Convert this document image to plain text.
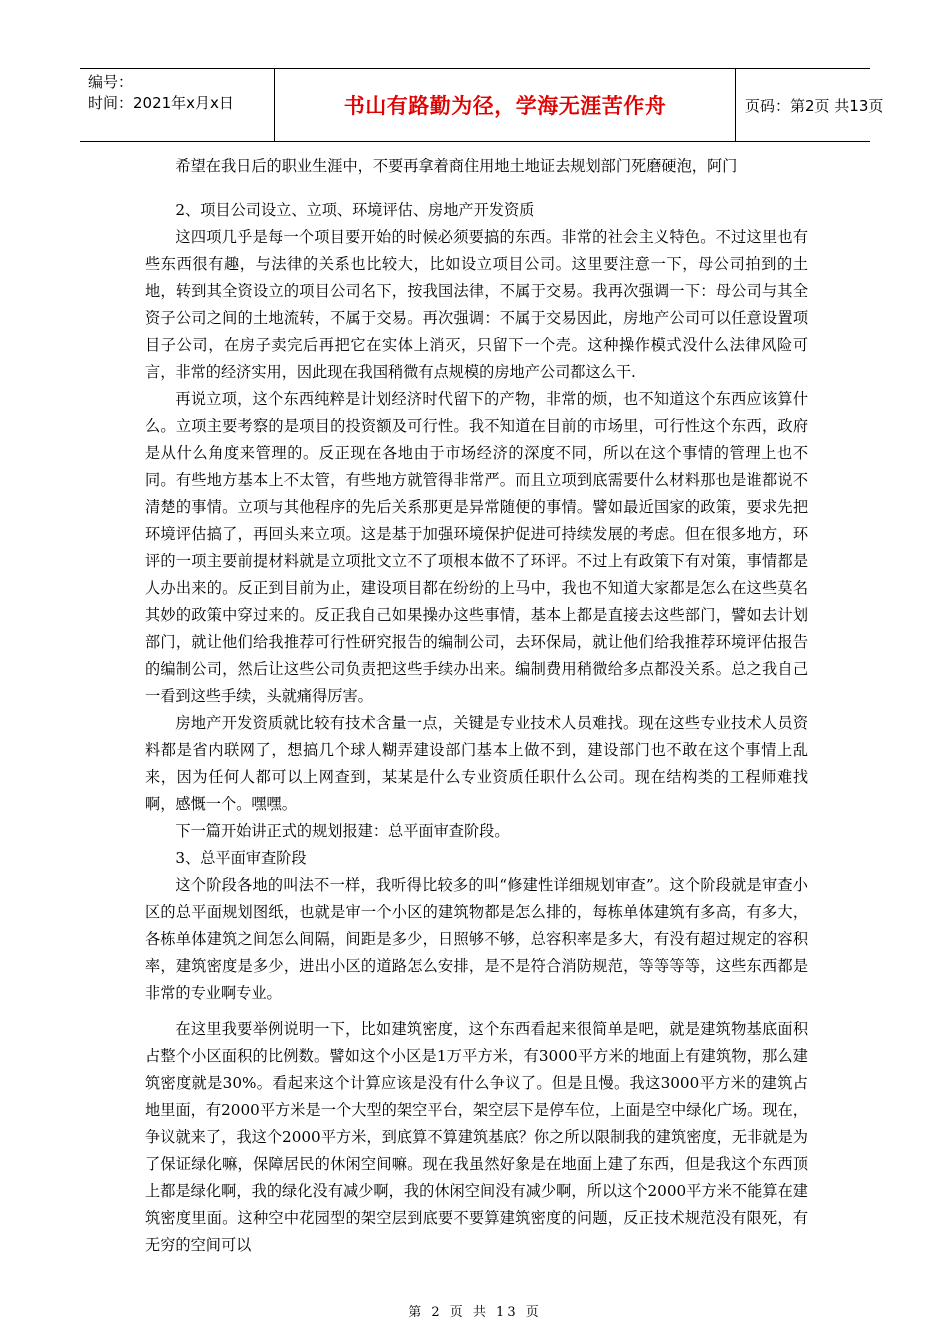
编号：
时间：2021年x月x日	书山有路勤为径，学海无涯苦作舟	页码：第2页 共13页

希望在我日后的职业生涯中，不要再拿着商住用地土地证去规划部门死磨硬泡，阿门

2、项目公司设立、立项、环境评估、房地产开发资质

这四项几乎是每一个项目要开始的时候必须要搞的东西。非常的社会主义特色。不过这里也有些东西很有趣，与法律的关系也比较大，比如设立项目公司。这里要注意一下，母公司拍到的土地，转到其全资设立的项目公司名下，按我国法律，不属于交易。我再次强调一下：母公司与其全资子公司之间的土地流转，不属于交易。再次强调：不属于交易因此，房地产公司可以任意设置项目子公司，在房子卖完后再把它在实体上消灭，只留下一个壳。这种操作模式没什么法律风险可言，非常的经济实用，因此现在我国稍微有点规模的房地产公司都这么干.

再说立项，这个东西纯粹是计划经济时代留下的产物，非常的烦，也不知道这个东西应该算什么。立项主要考察的是项目的投资额及可行性。我不知道在目前的市场里，可行性这个东西，政府是从什么角度来管理的。反正现在各地由于市场经济的深度不同，所以在这个事情的管理上也不同。有些地方基本上不太管，有些地方就管得非常严。而且立项到底需要什么材料那也是谁都说不清楚的事情。立项与其他程序的先后关系那更是异常随便的事情。譬如最近国家的政策，要求先把环境评估搞了，再回头来立项。这是基于加强环境保护促进可持续发展的考虑。但在很多地方，环评的一项主要前提材料就是立项批文立不了项根本做不了环评。不过上有政策下有对策，事情都是人办出来的。反正到目前为止，建设项目都在纷纷的上马中，我也不知道大家都是怎么在这些莫名其妙的政策中穿过来的。反正我自己如果操办这些事情，基本上都是直接去这些部门，譬如去计划部门，就让他们给我推荐可行性研究报告的编制公司，去环保局，就让他们给我推荐环境评估报告的编制公司，然后让这些公司负责把这些手续办出来。编制费用稍微给多点都没关系。总之我自己一看到这些手续，头就痛得厉害。

房地产开发资质就比较有技术含量一点，关键是专业技术人员难找。现在这些专业技术人员资料都是省内联网了，想搞几个球人糊弄建设部门基本上做不到，建设部门也不敢在这个事情上乱来，因为任何人都可以上网查到，某某是什么专业资质任职什么公司。现在结构类的工程师难找啊，感慨一个。嘿嘿。

下一篇开始讲正式的规划报建：总平面审查阶段。

3、总平面审查阶段

这个阶段各地的叫法不一样，我听得比较多的叫“修建性详细规划审查”。这个阶段就是审查小区的总平面规划图纸，也就是审一个小区的建筑物都是怎么排的，每栋单体建筑有多高，有多大，各栋单体建筑之间怎么间隔，间距是多少，日照够不够，总容积率是多大，有没有超过规定的容积率，建筑密度是多少，进出小区的道路怎么安排，是不是符合消防规范，等等等等，这些东西都是非常的专业啊专业。

在这里我要举例说明一下，比如建筑密度，这个东西看起来很简单是吧，就是建筑物基底面积占整个小区面积的比例数。譬如这个小区是1万平方米，有3000平方米的地面上有建筑物，那么建筑密度就是30%。看起来这个计算应该是没有什么争议了。但是且慢。我这3000平方米的建筑占地里面，有2000平方米是一个大型的架空平台，架空层下是停车位，上面是空中绿化广场。现在，争议就来了，我这个2000平方米，到底算不算建筑基底？你之所以限制我的建筑密度，无非就是为了保证绿化嘛，保障居民的休闲空间嘛。现在我虽然好象是在地面上建了东西，但是我这个东西顶上都是绿化啊，我的绿化没有减少啊，我的休闲空间没有减少啊，所以这个2000平方米不能算在建筑密度里面。这种空中花园型的架空层到底要不要算建筑密度的问题，反正技术规范没有限死，有无穷的空间可以

第 2 页 共 13 页
